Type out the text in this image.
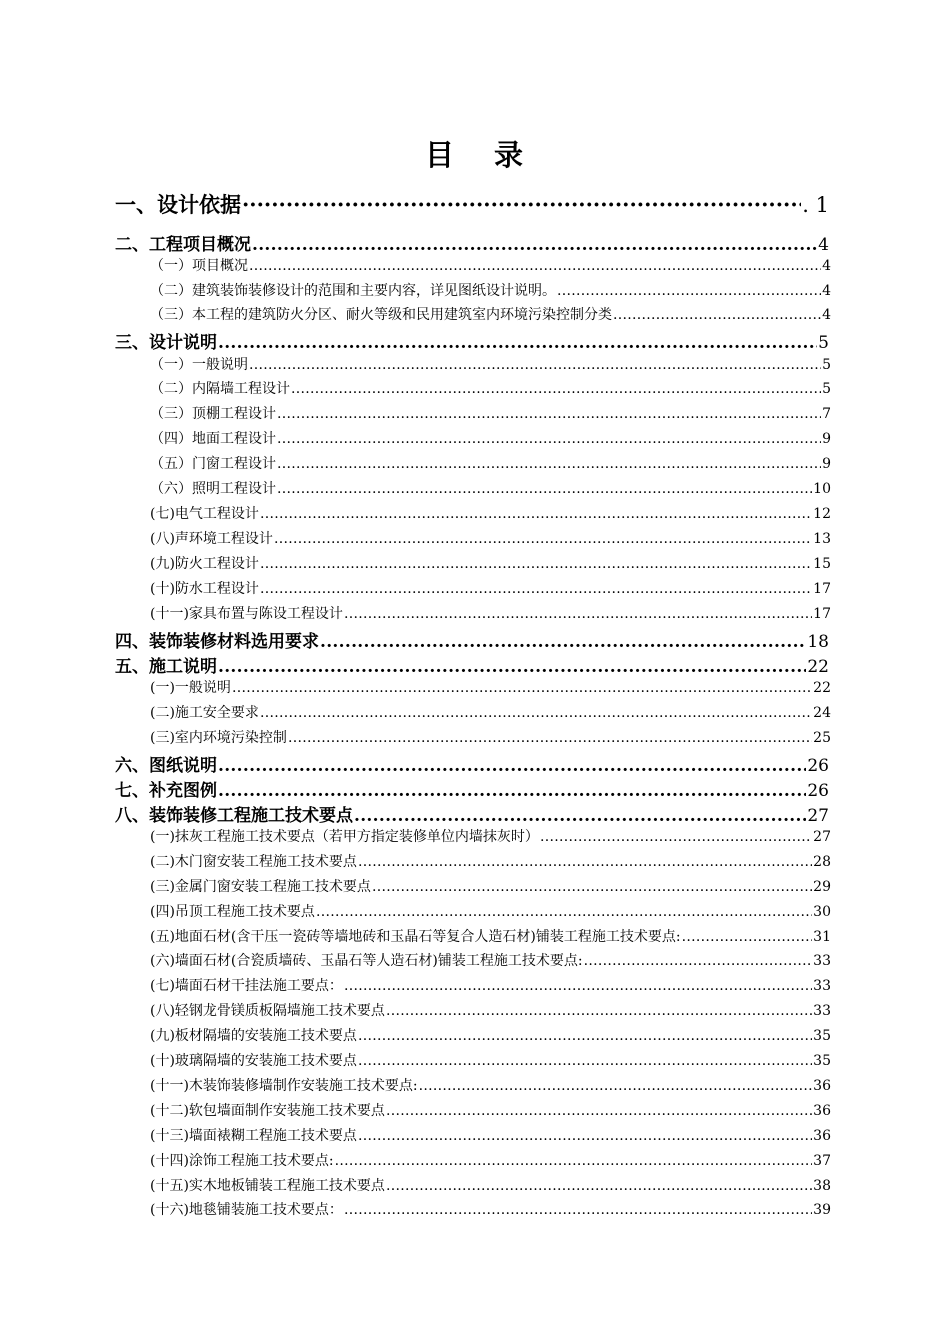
目 录
一、设计依据 ·····	. 1
二、工程项目概况 .....	4
（一）项目概况 .....	4
（二）建筑装饰装修设计的范围和主要内容，详见图纸设计说明。 .....	4
（三）本工程的建筑防火分区、耐火等级和民用建筑室内环境污染控制分类 .....	4
三、设计说明 .....	5
（一）一般说明 .....	5
（二）内隔墙工程设计 .....	5
（三）顶棚工程设计 .....	7
（四）地面工程设计 .....	9
（五）门窗工程设计 .....	9
（六）照明工程设计 .....	10
(七)电气工程设计 .....	12
(八)声环境工程设计 .....	13
(九)防火工程设计 .....	15
(十)防水工程设计 .....	17
(十一)家具布置与陈设工程设计 .....	17
四、装饰装修材料选用要求 .....	18
五、施工说明 .....	22
(一)一般说明 .....	22
(二)施工安全要求 .....	24
(三)室内环境污染控制 .....	25
六、图纸说明 .....	26
七、补充图例 .....	26
八、装饰装修工程施工技术要点 .....	27
(一)抹灰工程施工技术要点（若甲方指定装修单位内墙抹灰时） .....	27
(二)木门窗安装工程施工技术要点 .....	28
(三)金属门窗安装工程施工技术要点 .....	29
(四)吊顶工程施工技术要点 .....	30
(五)地面石材(含干压一瓷砖等墙地砖和玉晶石等复合人造石材)铺装工程施工技术要点: .....	31
(六)墙面石材(合瓷质墙砖、玉晶石等人造石材)铺装工程施工技术要点: .....	33
(七)墙面石材干挂法施工要点： .....	33
(八)轻钢龙骨镁质板隔墙施工技术要点 .....	33
(九)板材隔墙的安装施工技术要点 .....	35
(十)玻璃隔墙的安装施工技术要点 .....	35
(十一)木装饰装修墙制作安装施工技术要点: .....	36
(十二)软包墙面制作安装施工技术要点 .....	36
(十三)墙面裱糊工程施工技术要点 .....	36
(十四)涂饰工程施工技术要点: .....	37
(十五)实木地板铺装工程施工技术要点 .....	38
(十六)地毯铺装施工技术要点： .....	39
